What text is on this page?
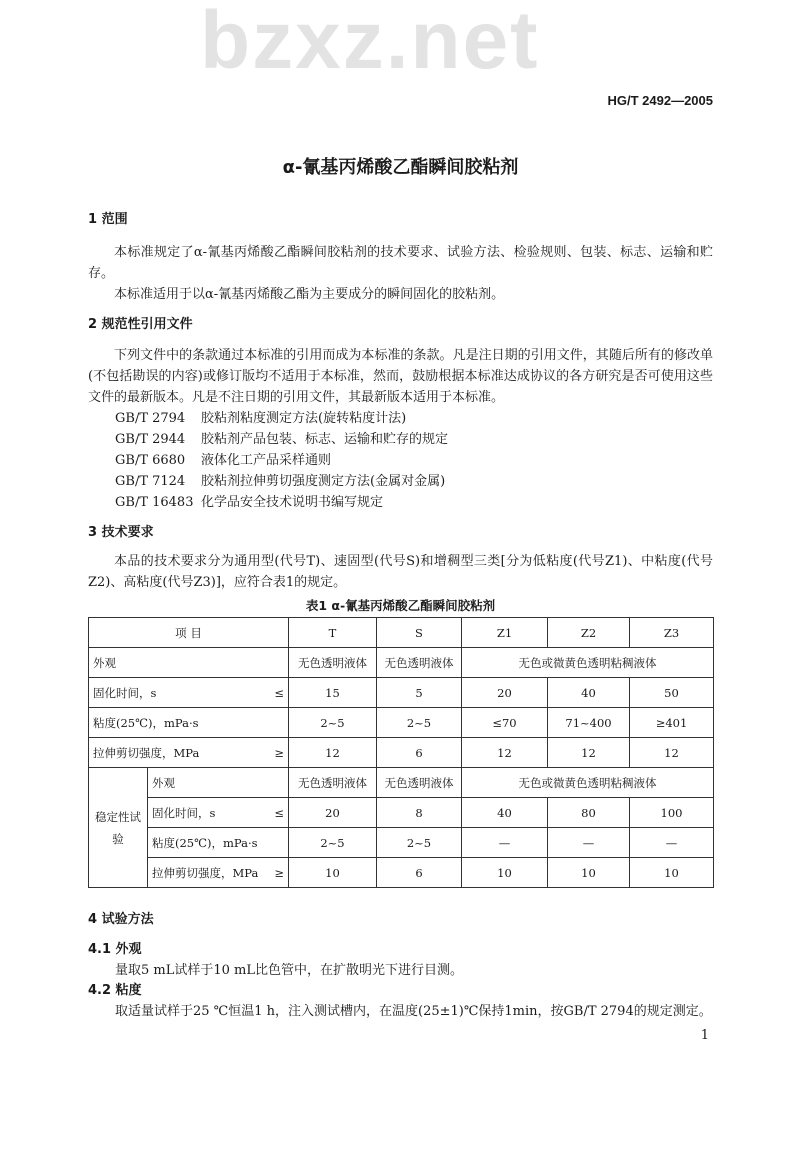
bzxz.net
HG/T 2492—2005
α-氰基丙烯酸乙酯瞬间胶粘剂
1 范围
本标准规定了α-氰基丙烯酸乙酯瞬间胶粘剂的技术要求、试验方法、检验规则、包装、标志、运输和贮存。
本标准适用于以α-氰基丙烯酸乙酯为主要成分的瞬间固化的胶粘剂。
2 规范性引用文件
下列文件中的条款通过本标准的引用而成为本标准的条款。凡是注日期的引用文件，其随后所有的修改单(不包括勘误的内容)或修订版均不适用于本标准，然而，鼓励根据本标准达成协议的各方研究是否可使用这些文件的最新版本。凡是不注日期的引用文件，其最新版本适用于本标准。
GB/T 2794 胶粘剂粘度测定方法(旋转粘度计法)
GB/T 2944 胶粘剂产品包装、标志、运输和贮存的规定
GB/T 6680 液体化工产品采样通则
GB/T 7124 胶粘剂拉伸剪切强度测定方法(金属对金属)
GB/T 16483 化学品安全技术说明书编写规定
3 技术要求
本品的技术要求分为通用型(代号T)、速固型(代号S)和增稠型三类[分为低粘度(代号Z1)、中粘度(代号Z2)、高粘度(代号Z3)]，应符合表1的规定。
表1 α-氰基丙烯酸乙酯瞬间胶粘剂
项 目		T	S	Z1	Z2	Z3
外观		无色透明液体	无色透明液体	无色或微黄色透明粘稠液体		
固化时间，s ≤		15	5	20	40	50
粘度(25℃)，mPa·s		2~5	2~5	≤70	71~400	≥401
拉伸剪切强度，MPa ≥		12	6	12	12	12
稳定性试验	外观	无色透明液体	无色透明液体	无色或微黄色透明粘稠液体		
	固化时间，s ≤	20	8	40	80	100
	粘度(25℃)，mPa·s	2~5	2~5	—	—	—
	拉伸剪切强度，MPa ≥	10	6	10	10	10
4 试验方法
4.1 外观
量取5 mL试样于10 mL比色管中，在扩散明光下进行目测。
4.2 粘度
取适量试样于25 ℃恒温1 h，注入测试槽内，在温度(25±1)℃保持1min，按GB/T 2794的规定测定。
1
